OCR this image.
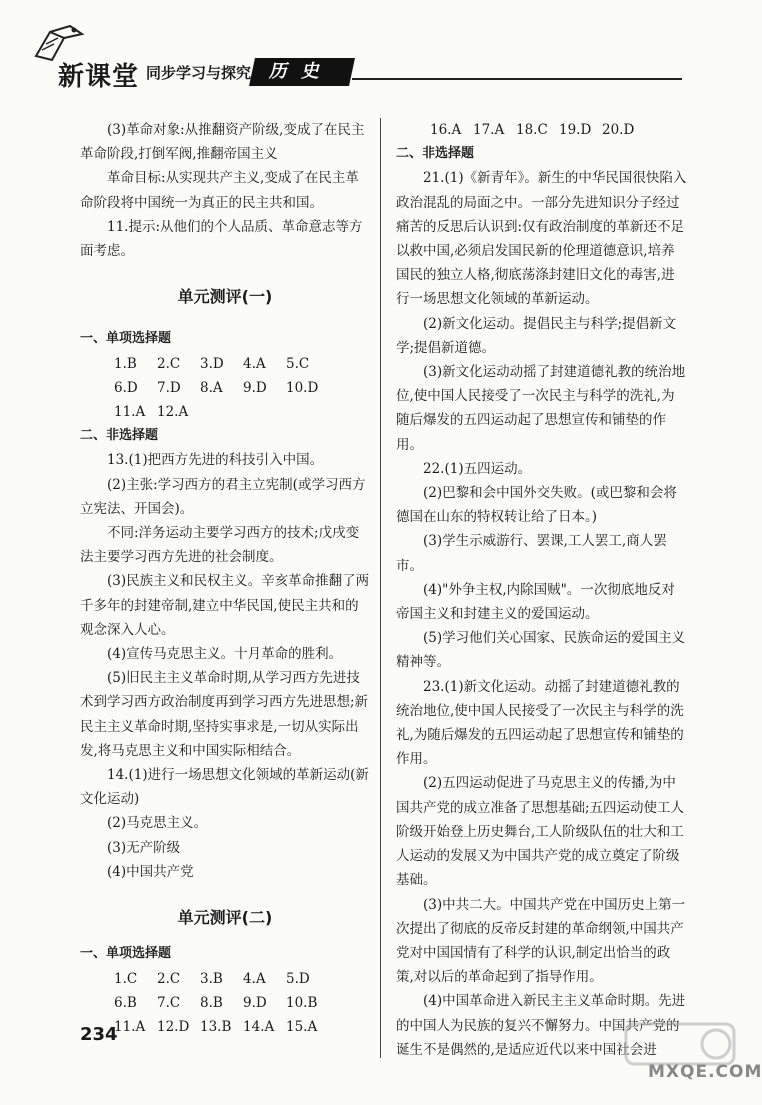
新课堂 同步学习与探究 历史

(3)革命对象:从推翻资产阶级,变成了在民主革命阶段,打倒军阀,推翻帝国主义

革命目标:从实现共产主义,变成了在民主革命阶段将中国统一为真正的民主共和国。

11.提示:从他们的个人品质、革命意志等方面考虑。

单元测评(一)

一、单项选择题

1.B	2.C	3.D	4.A	5.C
6.D	7.D	8.A	9.D	10.D
11.A 12.A

二、非选择题

13.(1)把西方先进的科技引入中国。

(2)主张:学习西方的君主立宪制(或学习西方立宪法、开国会)。

不同:洋务运动主要学习西方的技术;戊戌变法主要学习西方先进的社会制度。

(3)民族主义和民权主义。辛亥革命推翻了两千多年的封建帝制,建立中华民国,使民主共和的观念深入人心。

(4)宣传马克思主义。十月革命的胜利。

(5)旧民主主义革命时期,从学习西方先进技术到学习西方政治制度再到学习西方先进思想;新民主主义革命时期,坚持实事求是,一切从实际出发,将马克思主义和中国实际相结合。

14.(1)进行一场思想文化领域的革新运动(新文化运动)

(2)马克思主义。

(3)无产阶级

(4)中国共产党

单元测评(二)

一、单项选择题

1.C	2.C	3.B	4.A	5.D
6.B	7.C	8.B	9.D	10.B
11.A 12.D 13.B 14.A 15.A
16.A 17.A 18.C 19.D 20.D

二、非选择题

21.(1)《新青年》。新生的中华民国很快陷入政治混乱的局面之中。一部分先进知识分子经过痛苦的反思后认识到:仅有政治制度的革新还不足以救中国,必须启发国民新的伦理道德意识,培养国民的独立人格,彻底荡涤封建旧文化的毒害,进行一场思想文化领域的革新运动。

(2)新文化运动。提倡民主与科学;提倡新文学;提倡新道德。

(3)新文化运动动摇了封建道德礼教的统治地位,使中国人民接受了一次民主与科学的洗礼,为随后爆发的五四运动起了思想宣传和铺垫的作用。

22.(1)五四运动。

(2)巴黎和会中国外交失败。(或巴黎和会将德国在山东的特权转让给了日本。)

(3)学生示威游行、罢课,工人罢工,商人罢市。

(4)"外争主权,内除国贼"。一次彻底地反对帝国主义和封建主义的爱国运动。

(5)学习他们关心国家、民族命运的爱国主义精神等。

23.(1)新文化运动。动摇了封建道德礼教的统治地位,使中国人民接受了一次民主与科学的洗礼,为随后爆发的五四运动起了思想宣传和铺垫的作用。

(2)五四运动促进了马克思主义的传播,为中国共产党的成立准备了思想基础;五四运动使工人阶级开始登上历史舞台,工人阶级队伍的壮大和工人运动的发展又为中国共产党的成立奠定了阶级基础。

(3)中共二大。中国共产党在中国历史上第一次提出了彻底的反帝反封建的革命纲领,中国共产党对中国国情有了科学的认识,制定出恰当的政策,对以后的革命起到了指导作用。

(4)中国革命进入新民主主义革命时期。先进的中国人为民族的复兴不懈努力。中国共产党的诞生不是偶然的,是适应近代以来中国社会进

234
MXQE.COM
